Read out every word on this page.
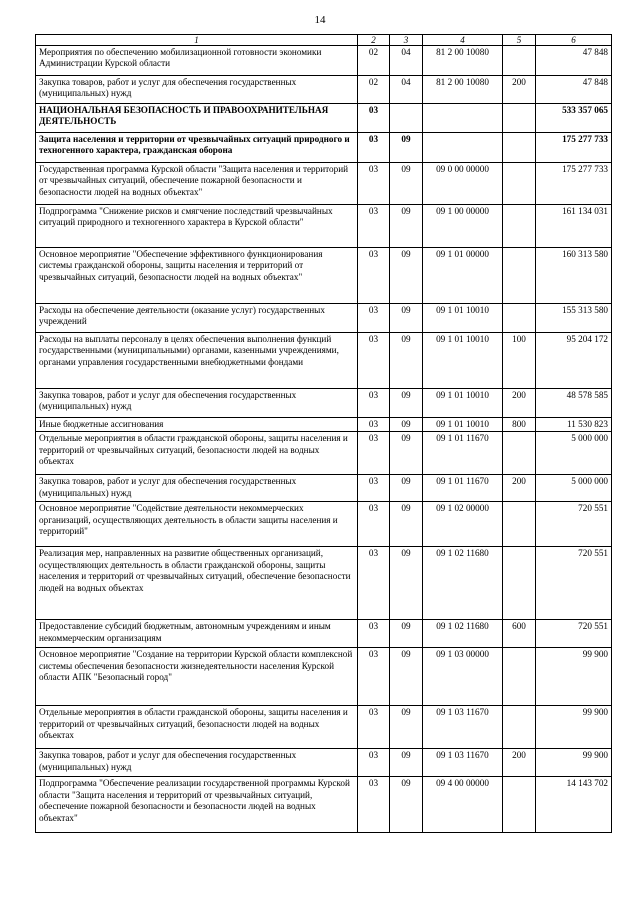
14
1	2	3	4	5	6
Мероприятия по обеспечению мобилизационной готовности экономики Администрации Курской области	02	04	81 2 00 10080		47 848
Закупка товаров, работ и услуг для обеспечения государственных (муниципальных) нужд	02	04	81 2 00 10080	200	47 848
НАЦИОНАЛЬНАЯ БЕЗОПАСНОСТЬ И ПРАВООХРАНИТЕЛЬНАЯ ДЕЯТЕЛЬНОСТЬ	03				533 357 065
Защита населения и территории от чрезвычайных ситуаций природного и техногенного характера, гражданская оборона	03	09			175 277 733
Государственная программа Курской области "Защита населения и территорий от чрезвычайных ситуаций, обеспечение пожарной безопасности и безопасности людей на водных объектах"	03	09	09 0 00 00000		175 277 733
Подпрограмма "Снижение рисков и смягчение последствий чрезвычайных ситуаций природного и техногенного характера в Курской области"	03	09	09 1 00 00000		161 134 031
Основное мероприятие "Обеспечение эффективного функционирования системы гражданской обороны, защиты населения и территорий от чрезвычайных ситуаций, безопасности людей на водных объектах"	03	09	09 1 01 00000		160 313 580
Расходы на обеспечение деятельности (оказание услуг) государственных учреждений	03	09	09 1 01 10010		155 313 580
Расходы на выплаты персоналу в целях обеспечения выполнения функций государственными (муниципальными) органами, казенными учреждениями, органами управления государственными внебюджетными фондами	03	09	09 1 01 10010	100	95 204 172
Закупка товаров, работ и услуг для обеспечения государственных (муниципальных) нужд	03	09	09 1 01 10010	200	48 578 585
Иные бюджетные ассигнования	03	09	09 1 01 10010	800	11 530 823
Отдельные мероприятия в области гражданской обороны, защиты населения и территорий от чрезвычайных ситуаций, безопасности людей на водных объектах	03	09	09 1 01 11670		5 000 000
Закупка товаров, работ и услуг для обеспечения государственных (муниципальных) нужд	03	09	09 1 01 11670	200	5 000 000
Основное мероприятие "Содействие деятельности некоммерческих организаций, осуществляющих деятельность в области защиты населения и территорий"	03	09	09 1 02 00000		720 551
Реализация мер, направленных на развитие общественных организаций, осуществляющих деятельность в области гражданской обороны, защиты населения и территорий от чрезвычайных ситуаций, обеспечение безопасности людей на водных объектах	03	09	09 1 02 11680		720 551
Предоставление субсидий бюджетным, автономным учреждениям и иным некоммерческим организациям	03	09	09 1 02 11680	600	720 551
Основное мероприятие "Создание на территории Курской области комплексной системы обеспечения безопасности жизнедеятельности населения Курской области АПК "Безопасный город"	03	09	09 1 03 00000		99 900
Отдельные мероприятия в области гражданской обороны, защиты населения и территорий от чрезвычайных ситуаций, безопасности людей на водных объектах	03	09	09 1 03 11670		99 900
Закупка товаров, работ и услуг для обеспечения государственных (муниципальных) нужд	03	09	09 1 03 11670	200	99 900
Подпрограмма "Обеспечение реализации государственной программы Курской области "Защита населения и территорий от чрезвычайных ситуаций, обеспечение пожарной безопасности и безопасности людей на водных объектах"	03	09	09 4 00 00000		14 143 702
